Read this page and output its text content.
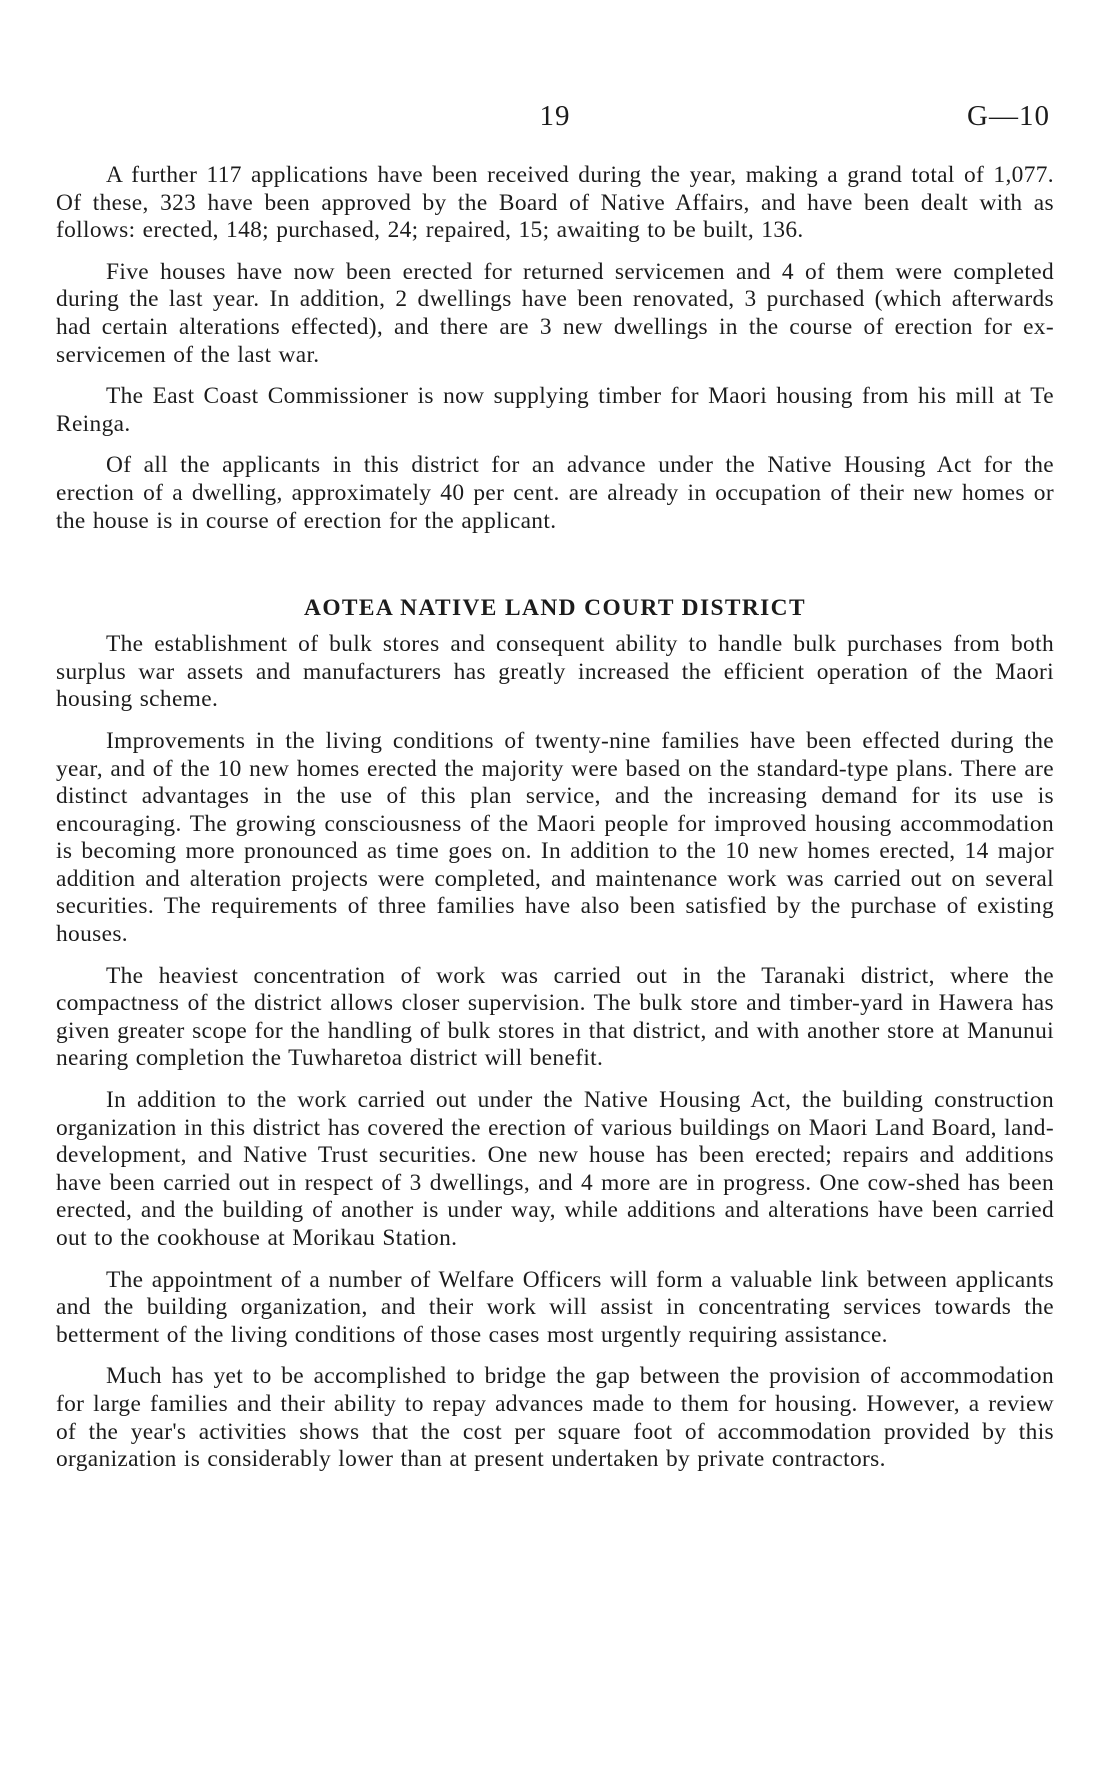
19	G—10

A further 117 applications have been received during the year, making a grand total of 1,077. Of these, 323 have been approved by the Board of Native Affairs, and have been dealt with as follows: erected, 148; purchased, 24; repaired, 15; awaiting to be built, 136.

Five houses have now been erected for returned servicemen and 4 of them were completed during the last year. In addition, 2 dwellings have been renovated, 3 purchased (which afterwards had certain alterations effected), and there are 3 new dwellings in the course of erection for ex-servicemen of the last war.

The East Coast Commissioner is now supplying timber for Maori housing from his mill at Te Reinga.

Of all the applicants in this district for an advance under the Native Housing Act for the erection of a dwelling, approximately 40 per cent. are already in occupation of their new homes or the house is in course of erection for the applicant.

AOTEA NATIVE LAND COURT DISTRICT

The establishment of bulk stores and consequent ability to handle bulk purchases from both surplus war assets and manufacturers has greatly increased the efficient operation of the Maori housing scheme.

Improvements in the living conditions of twenty-nine families have been effected during the year, and of the 10 new homes erected the majority were based on the standard-type plans. There are distinct advantages in the use of this plan service, and the increasing demand for its use is encouraging. The growing consciousness of the Maori people for improved housing accommodation is becoming more pronounced as time goes on. In addition to the 10 new homes erected, 14 major addition and alteration projects were completed, and maintenance work was carried out on several securities. The requirements of three families have also been satisfied by the purchase of existing houses.

The heaviest concentration of work was carried out in the Taranaki district, where the compactness of the district allows closer supervision. The bulk store and timber-yard in Hawera has given greater scope for the handling of bulk stores in that district, and with another store at Manunui nearing completion the Tuwharetoa district will benefit.

In addition to the work carried out under the Native Housing Act, the building construction organization in this district has covered the erection of various buildings on Maori Land Board, land-development, and Native Trust securities. One new house has been erected; repairs and additions have been carried out in respect of 3 dwellings, and 4 more are in progress. One cow-shed has been erected, and the building of another is under way, while additions and alterations have been carried out to the cookhouse at Morikau Station.

The appointment of a number of Welfare Officers will form a valuable link between applicants and the building organization, and their work will assist in concentrating services towards the betterment of the living conditions of those cases most urgently requiring assistance.

Much has yet to be accomplished to bridge the gap between the provision of accommodation for large families and their ability to repay advances made to them for housing. However, a review of the year's activities shows that the cost per square foot of accommodation provided by this organization is considerably lower than at present undertaken by private contractors.
